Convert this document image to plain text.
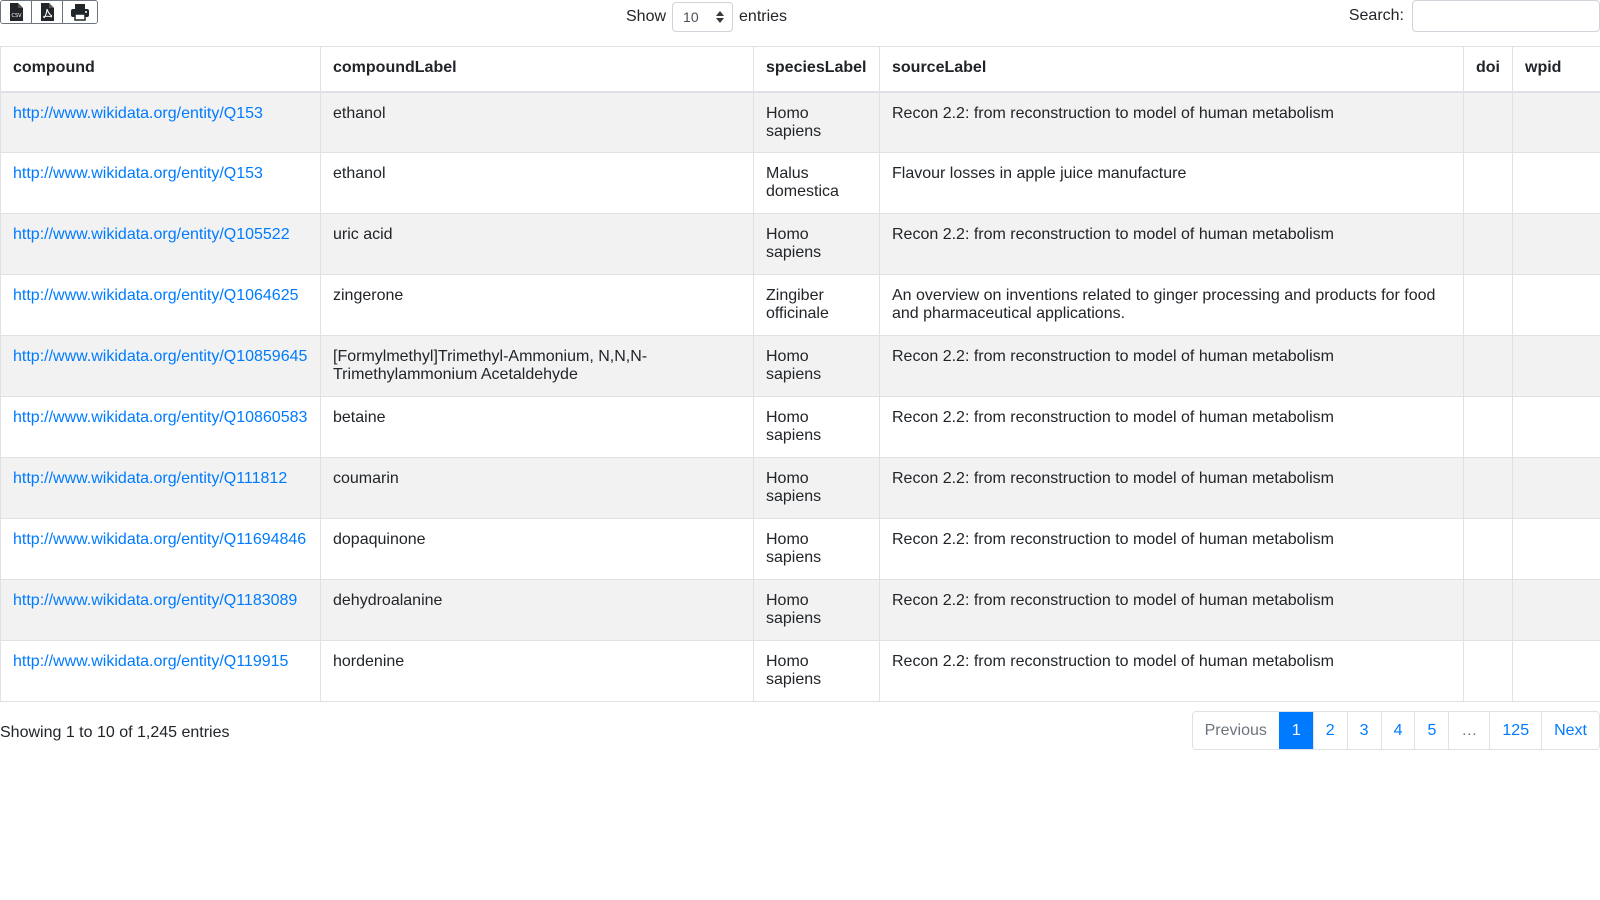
CSV	Show 10	entries	Search:
compound	compoundLabel	speciesLabel	sourceLabel	doi	wpid
http://www.wikidata.org/entity/Q153	ethanol	Homo sapiens	Recon 2.2: from reconstruction to model of human metabolism		
http://www.wikidata.org/entity/Q153	ethanol	Malus domestica	Flavour losses in apple juice manufacture		
http://www.wikidata.org/entity/Q105522	uric acid	Homo sapiens	Recon 2.2: from reconstruction to model of human metabolism		
http://www.wikidata.org/entity/Q1064625	zingerone	Zingiber officinale	An overview on inventions related to ginger processing and products for food and pharmaceutical applications.		
http://www.wikidata.org/entity/Q10859645	[Formylmethyl]Trimethyl-Ammonium, N,N,N-Trimethylammonium Acetaldehyde	Homo sapiens	Recon 2.2: from reconstruction to model of human metabolism		
http://www.wikidata.org/entity/Q10860583	betaine	Homo sapiens	Recon 2.2: from reconstruction to model of human metabolism		
http://www.wikidata.org/entity/Q111812	coumarin	Homo sapiens	Recon 2.2: from reconstruction to model of human metabolism		
http://www.wikidata.org/entity/Q11694846	dopaquinone	Homo sapiens	Recon 2.2: from reconstruction to model of human metabolism		
http://www.wikidata.org/entity/Q1183089	dehydroalanine	Homo sapiens	Recon 2.2: from reconstruction to model of human metabolism		
http://www.wikidata.org/entity/Q119915	hordenine	Homo sapiens	Recon 2.2: from reconstruction to model of human metabolism		
Showing 1 to 10 of 1,245 entries	Previous	1	2	3	4	5	…	125	Next
